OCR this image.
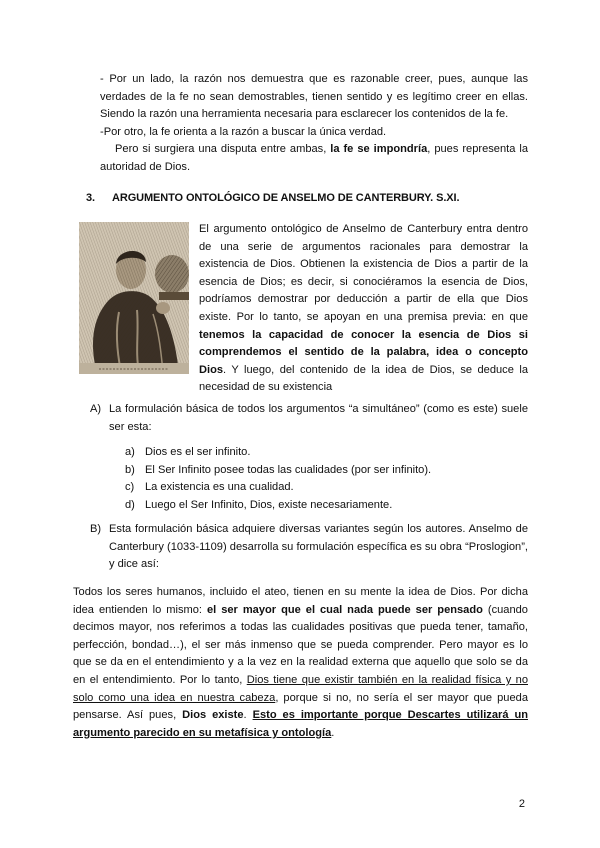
- Por un lado, la razón nos demuestra que es razonable creer, pues, aunque las verdades de la fe no sean demostrables, tienen sentido y es legítimo creer en ellas. Siendo la razón una herramienta necesaria para esclarecer los contenidos de la fe.

-Por otro, la fe orienta a la razón a buscar la única verdad.

Pero si surgiera una disputa entre ambas, la fe se impondría, pues representa la autoridad de Dios.

3. ARGUMENTO ONTOLÓGICO DE ANSELMO DE CANTERBURY. S.XI.

El argumento ontológico de Anselmo de Canterbury entra dentro de una serie de argumentos racionales para demostrar la existencia de Dios. Obtienen la existencia de Dios a partir de la esencia de Dios; es decir, si conociéramos la esencia de Dios, podríamos demostrar por deducción a partir de ella que Dios existe. Por lo tanto, se apoyan en una premisa previa: en que tenemos la capacidad de conocer la esencia de Dios si comprendemos el sentido de la palabra, idea o concepto Dios. Y luego, del contenido de la idea de Dios, se deduce la necesidad de su existencia

A) La formulación básica de todos los argumentos “a simultáneo” (como es este) suele ser esta:

a) Dios es el ser infinito.

b) El Ser Infinito posee todas las cualidades (por ser infinito).

c) La existencia es una cualidad.

d) Luego el Ser Infinito, Dios, existe necesariamente.

B) Esta formulación básica adquiere diversas variantes según los autores. Anselmo de Canterbury (1033-1109) desarrolla su formulación específica es su obra “Proslogion”, y dice así:

Todos los seres humanos, incluido el ateo, tienen en su mente la idea de Dios. Por dicha idea entienden lo mismo: el ser mayor que el cual nada puede ser pensado (cuando decimos mayor, nos referimos a todas las cualidades positivas que pueda tener, tamaño, perfección, bondad…), el ser más inmenso que se pueda comprender. Pero mayor es lo que se da en el entendimiento y a la vez en la realidad externa que aquello que solo se da en el entendimiento. Por lo tanto, Dios tiene que existir también en la realidad física y no solo como una idea en nuestra cabeza, porque si no, no sería el ser mayor que pueda pensarse. Así pues, Dios existe. Esto es importante porque Descartes utilizará un argumento parecido en su metafísica y ontología.

2
